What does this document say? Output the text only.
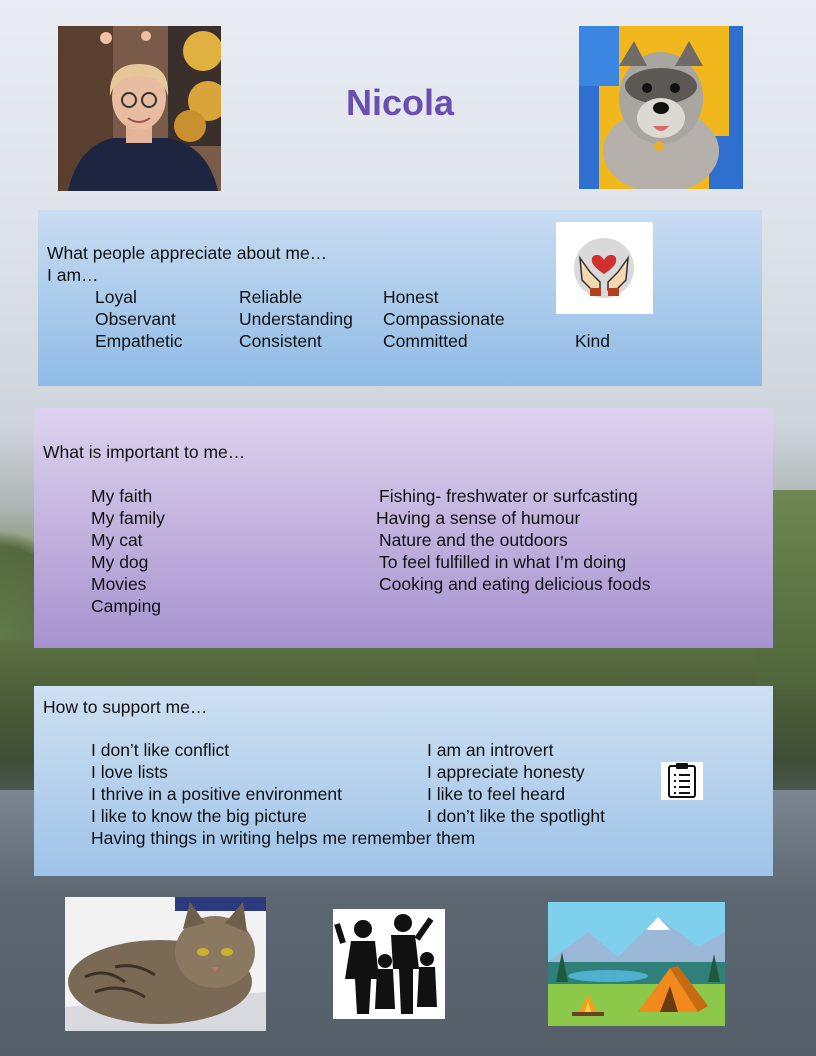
Nicola
What people appreciate about me…
I am…
Loyal
Observant
Empathetic
Reliable
Understanding
Consistent
Honest
Compassionate
Committed	Kind
What is important to me…
My faith
My family
My cat
My dog
Movies
Camping
Fishing- freshwater or surfcasting
Having a sense of humour
Nature and the outdoors
To feel fulfilled in what I’m doing
Cooking and eating delicious foods
How to support me…
I don’t like conflict
I love lists
I thrive in a positive environment
I like to know the big picture
Having things in writing helps me remember them
I am an introvert
I appreciate honesty
I like to feel heard
I don’t like the spotlight
